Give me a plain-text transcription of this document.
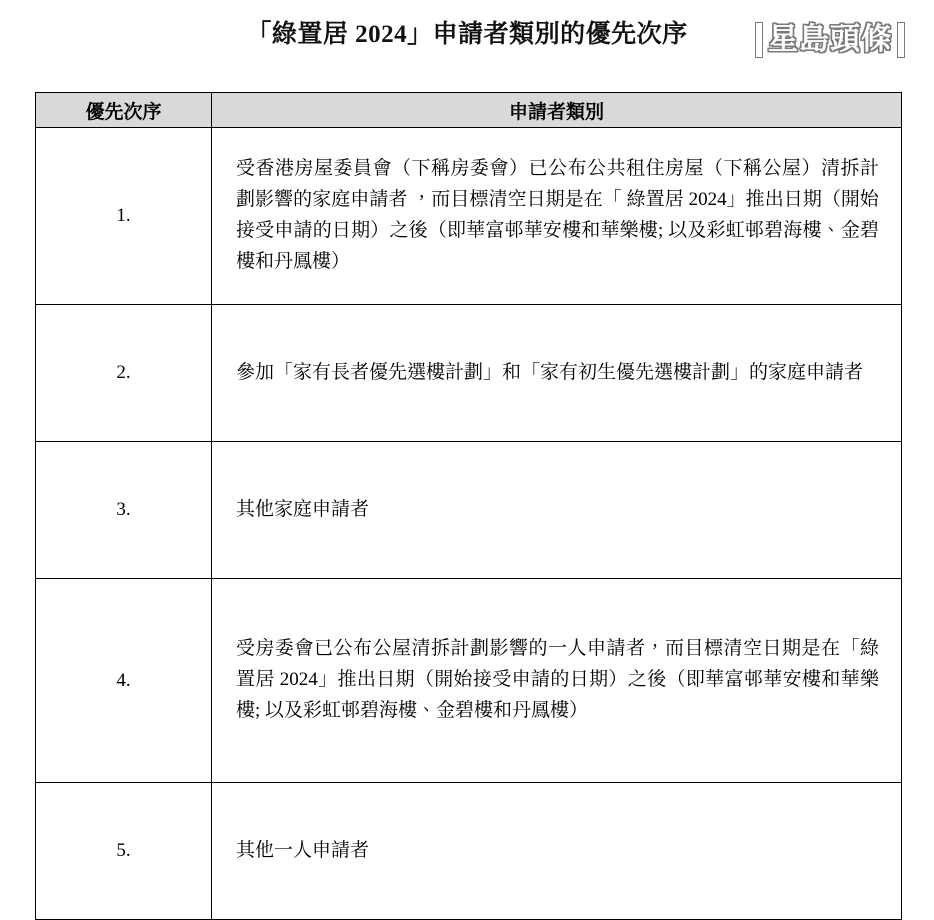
「綠置居 2024」申請者類別的優先次序	星島頭條
優先次序	申請者類別
1.	受香港房屋委員會（下稱房委會）已公布公共租住房屋（下稱公屋）清拆計劃影響的家庭申請者 ，而目標清空日期是在「 綠置居 2024」推出日期（開始接受申請的日期）之後（即華富邨華安樓和華樂樓; 以及彩虹邨碧海樓、金碧樓和丹鳳樓）
2.	參加「家有長者優先選樓計劃」和「家有初生優先選樓計劃」的家庭申請者
3.	其他家庭申請者
4.	受房委會已公布公屋清拆計劃影響的一人申請者，而目標清空日期是在「綠置居 2024」推出日期（開始接受申請的日期）之後（即華富邨華安樓和華樂樓; 以及彩虹邨碧海樓、金碧樓和丹鳳樓）
5.	其他一人申請者
